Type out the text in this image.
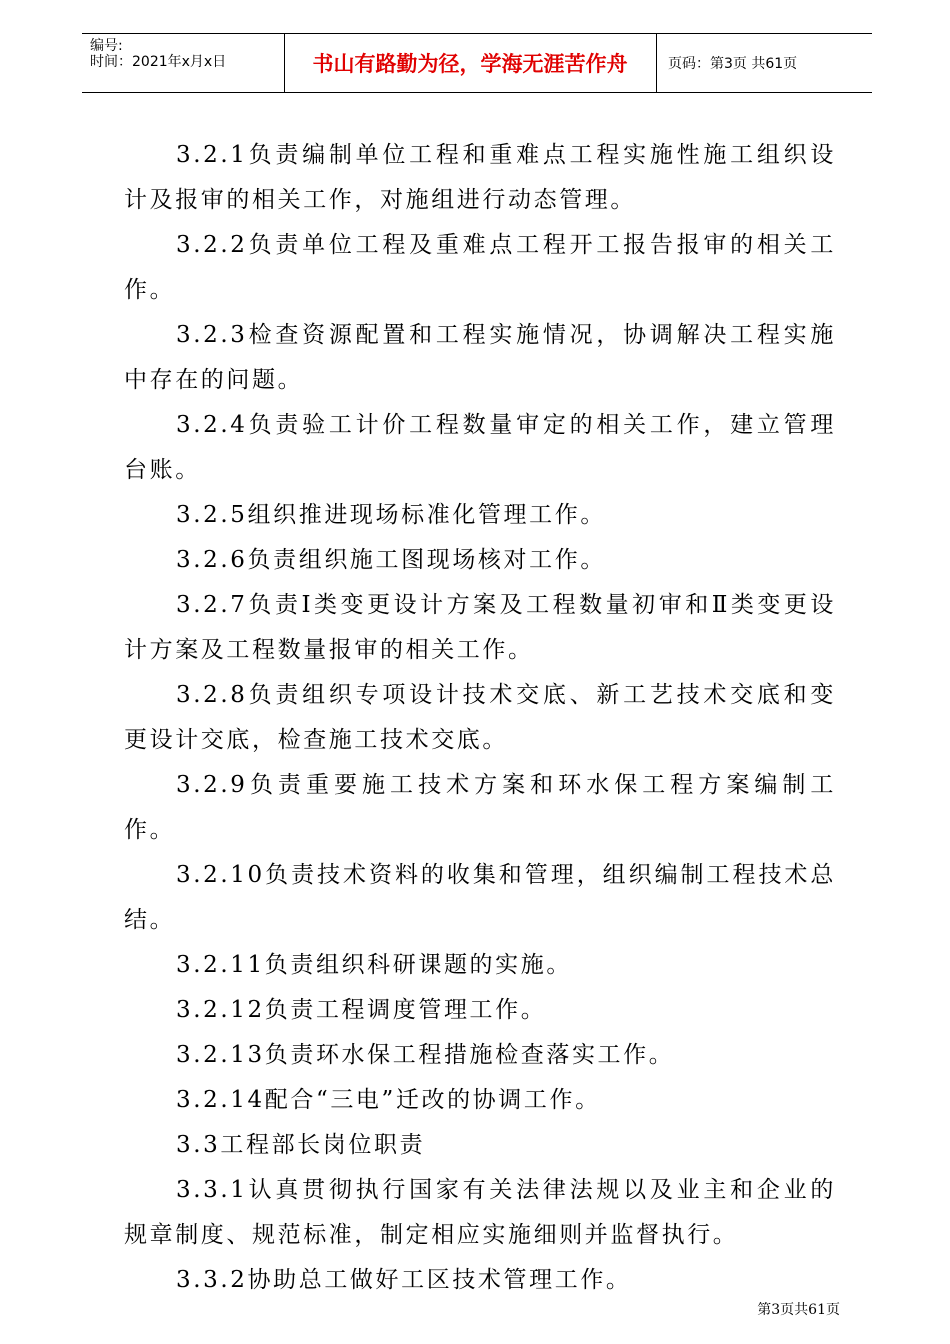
编号:
时间：2021年x月x日	书山有路勤为径，学海无涯苦作舟	页码：第3页 共61页

3.2.1负责编制单位工程和重难点工程实施性施工组织设计及报审的相关工作，对施组进行动态管理。

3.2.2负责单位工程及重难点工程开工报告报审的相关工作。

3.2.3检查资源配置和工程实施情况，协调解决工程实施中存在的问题。

3.2.4负责验工计价工程数量审定的相关工作，建立管理台账。

3.2.5组织推进现场标准化管理工作。

3.2.6负责组织施工图现场核对工作。

3.2.7负责Ⅰ类变更设计方案及工程数量初审和Ⅱ类变更设计方案及工程数量报审的相关工作。

3.2.8负责组织专项设计技术交底、新工艺技术交底和变更设计交底，检查施工技术交底。

3.2.9负责重要施工技术方案和环水保工程方案编制工作。

3.2.10负责技术资料的收集和管理，组织编制工程技术总结。

3.2.11负责组织科研课题的实施。

3.2.12负责工程调度管理工作。

3.2.13负责环水保工程措施检查落实工作。

3.2.14配合“三电”迁改的协调工作。

3.3工程部长岗位职责

3.3.1认真贯彻执行国家有关法律法规以及业主和企业的规章制度、规范标准，制定相应实施细则并监督执行。

3.3.2协助总工做好工区技术管理工作。

第3页共61页
